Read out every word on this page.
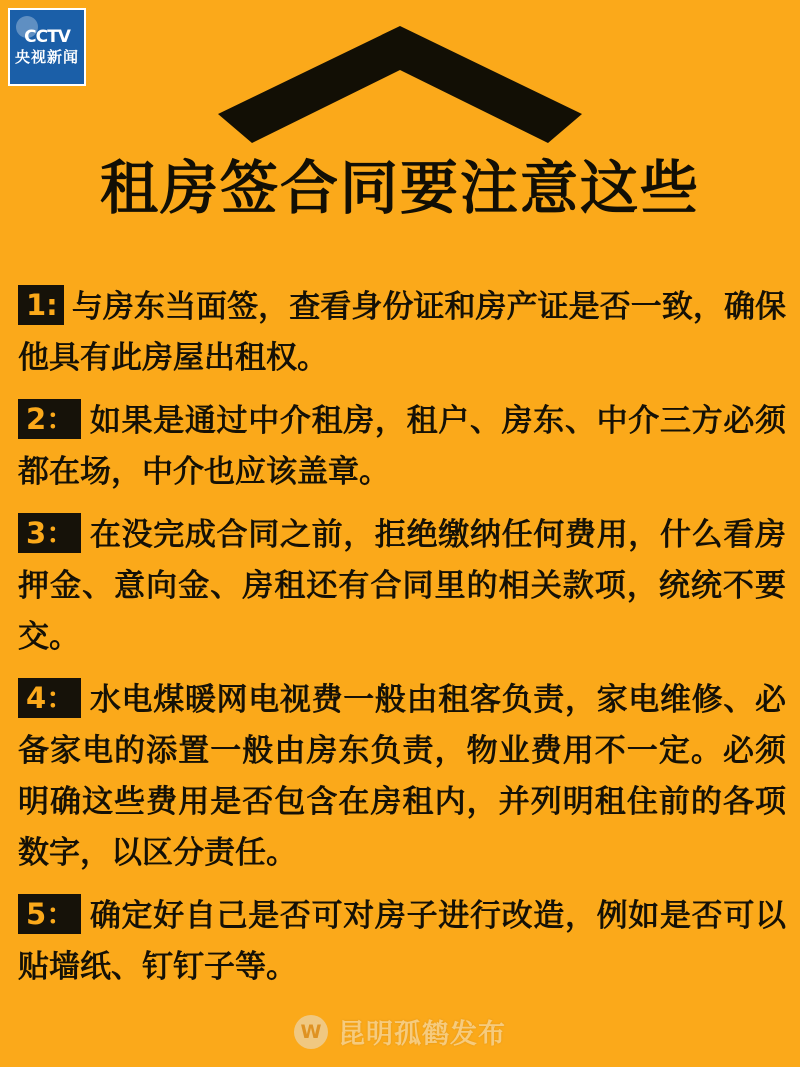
CCTV
央视新闻
租房签合同要注意这些
1: 与房东当面签，查看身份证和房产证是否一致，确保他具有此房屋出租权。
2： 如果是通过中介租房，租户、房东、中介三方必须都在场，中介也应该盖章。
3： 在没完成合同之前，拒绝缴纳任何费用，什么看房押金、意向金、房租还有合同里的相关款项，统统不要交。
4： 水电煤暖网电视费一般由租客负责，家电维修、必备家电的添置一般由房东负责，物业费用不一定。必须明确这些费用是否包含在房租内，并列明租住前的各项数字，以区分责任。
5： 确定好自己是否可对房子进行改造，例如是否可以贴墙纸、钉钉子等。
W 昆明孤鹤发布
